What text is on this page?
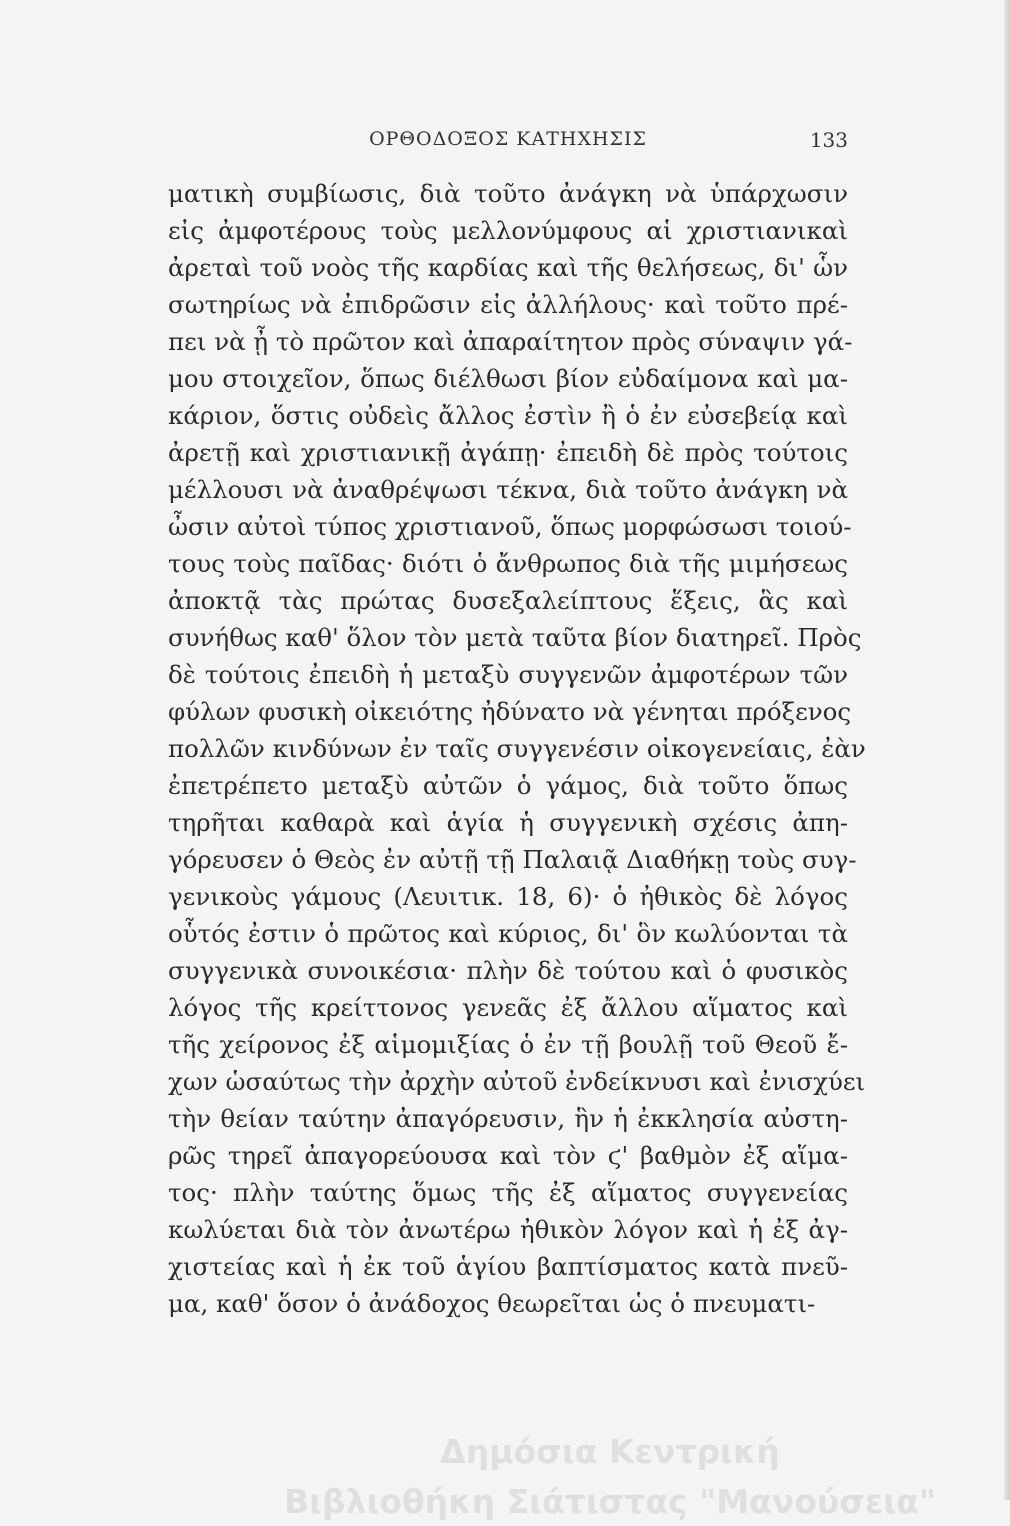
ΟΡΘΟΔΟΞΟΣ ΚΑΤΗΧΗΣΙΣ	133
ματικὴ συμβίωσις, διὰ τοῦτο ἀνάγκη νὰ ὑπάρχωσιν
εἰς ἀμφοτέρους τοὺς μελλονύμφους αἱ χριστιανικαὶ
ἀρεταὶ τοῦ νοὸς τῆς καρδίας καὶ τῆς θελήσεως, δι' ὧν
σωτηρίως νὰ ἐπιδρῶσιν εἰς ἀλλήλους· καὶ τοῦτο πρέ-
πει νὰ ᾖ τὸ πρῶτον καὶ ἀπαραίτητον πρὸς σύναψιν γά-
μου στοιχεῖον, ὅπως διέλθωσι βίον εὐδαίμονα καὶ μα-
κάριον, ὅστις οὐδεὶς ἄλλος ἐστὶν ἢ ὁ ἐν εὐσεβείᾳ καὶ
ἀρετῇ καὶ χριστιανικῇ ἀγάπῃ· ἐπειδὴ δὲ πρὸς τούτοις
μέλλουσι νὰ ἀναθρέψωσι τέκνα, διὰ τοῦτο ἀνάγκη νὰ
ὦσιν αὐτοὶ τύπος χριστιανοῦ, ὅπως μορφώσωσι τοιού-
τους τοὺς παῖδας· διότι ὁ ἄνθρωπος διὰ τῆς μιμήσεως
ἀποκτᾷ τὰς πρώτας δυσεξαλείπτους ἕξεις, ἃς καὶ
συνήθως καθ' ὅλον τὸν μετὰ ταῦτα βίον διατηρεῖ. Πρὸς
δὲ τούτοις ἐπειδὴ ἡ μεταξὺ συγγενῶν ἀμφοτέρων τῶν
φύλων φυσικὴ οἰκειότης ἠδύνατο νὰ γένηται πρόξενος
πολλῶν κινδύνων ἐν ταῖς συγγενέσιν οἰκογενείαις, ἐὰν
ἐπετρέπετο μεταξὺ αὐτῶν ὁ γάμος, διὰ τοῦτο ὅπως
τηρῆται καθαρὰ καὶ ἁγία ἡ συγγενικὴ σχέσις ἀπη-
γόρευσεν ὁ Θεὸς ἐν αὐτῇ τῇ Παλαιᾷ Διαθήκῃ τοὺς συγ-
γενικοὺς γάμους (Λευιτικ. 18, 6)· ὁ ἠθικὸς δὲ λόγος
οὗτός ἐστιν ὁ πρῶτος καὶ κύριος, δι' ὃν κωλύονται τὰ
συγγενικὰ συνοικέσια· πλὴν δὲ τούτου καὶ ὁ φυσικὸς
λόγος τῆς κρείττονος γενεᾶς ἐξ ἄλλου αἵματος καὶ
τῆς χείρονος ἐξ αἱμομιξίας ὁ ἐν τῇ βουλῇ τοῦ Θεοῦ ἔ-
χων ὡσαύτως τὴν ἀρχὴν αὐτοῦ ἐνδείκνυσι καὶ ἐνισχύει
τὴν θείαν ταύτην ἀπαγόρευσιν, ἣν ἡ ἐκκλησία αὐστη-
ρῶς τηρεῖ ἀπαγορεύουσα καὶ τὸν ϛ' βαθμὸν ἐξ αἵμα-
τος· πλὴν ταύτης ὅμως τῆς ἐξ αἵματος συγγενείας
κωλύεται διὰ τὸν ἀνωτέρω ἠθικὸν λόγον καὶ ἡ ἐξ ἀγ-
χιστείας καὶ ἡ ἐκ τοῦ ἁγίου βαπτίσματος κατὰ πνεῦ-
μα, καθ' ὅσον ὁ ἀνάδοχος θεωρεῖται ὡς ὁ πνευματι-
Δημόσια Κεντρική
Βιβλιοθήκη Σιάτιστας "Μανούσεια"
